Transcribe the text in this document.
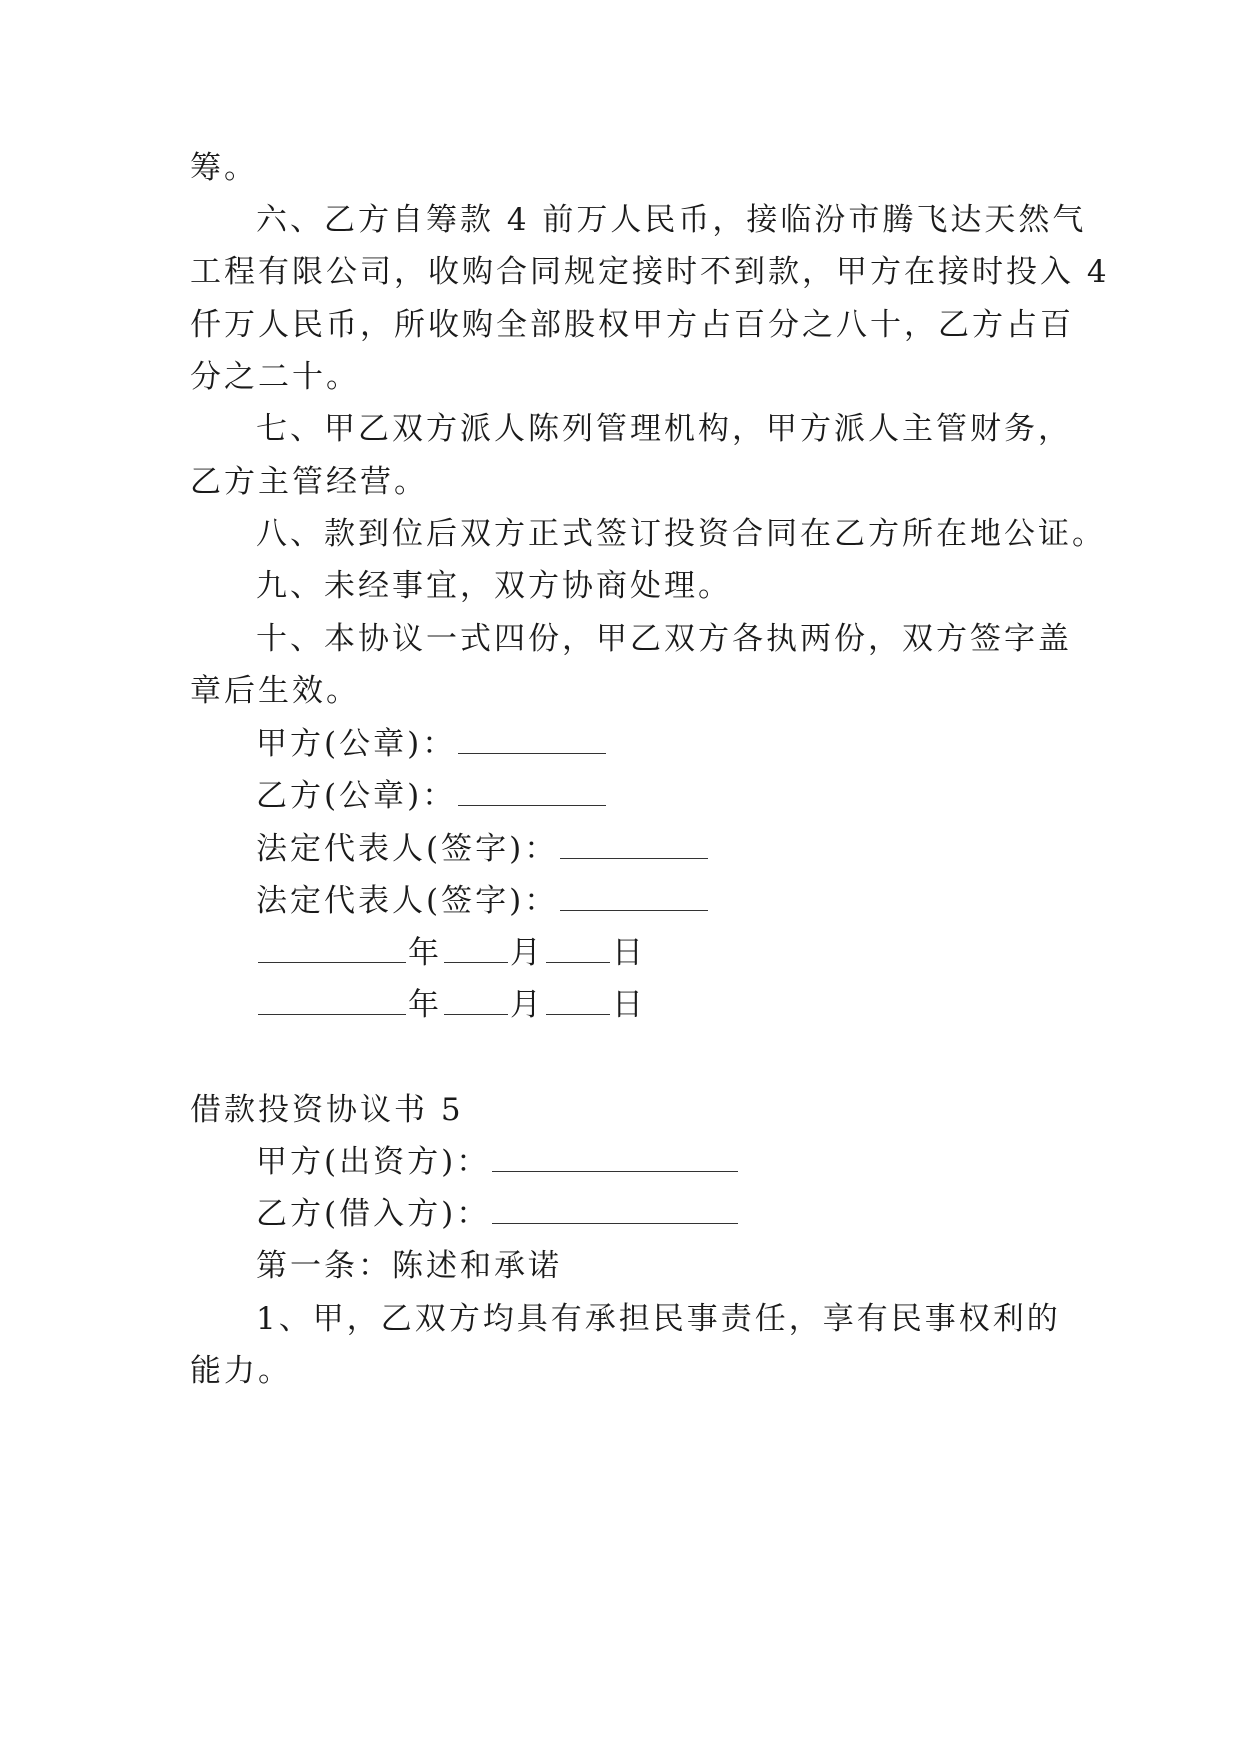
筹。
六、乙方自筹款 4 前万人民币，接临汾市腾飞达天然气
工程有限公司，收购合同规定接时不到款，甲方在接时投入 4
仟万人民币，所收购全部股权甲方占百分之八十，乙方占百
分之二十。
七、甲乙双方派人陈列管理机构，甲方派人主管财务，
乙方主管经营。
八、款到位后双方正式签订投资合同在乙方所在地公证。
九、未经事宜，双方协商处理。
十、本协议一式四份，甲乙双方各执两份，双方签字盖
章后生效。
甲方(公章)：
乙方(公章)：
法定代表人(签字)：
法定代表人(签字)：
年 月 日
年 月 日
借款投资协议书 5
甲方(出资方)：
乙方(借入方)：
第一条：陈述和承诺
1、甲，乙双方均具有承担民事责任，享有民事权利的
能力。
